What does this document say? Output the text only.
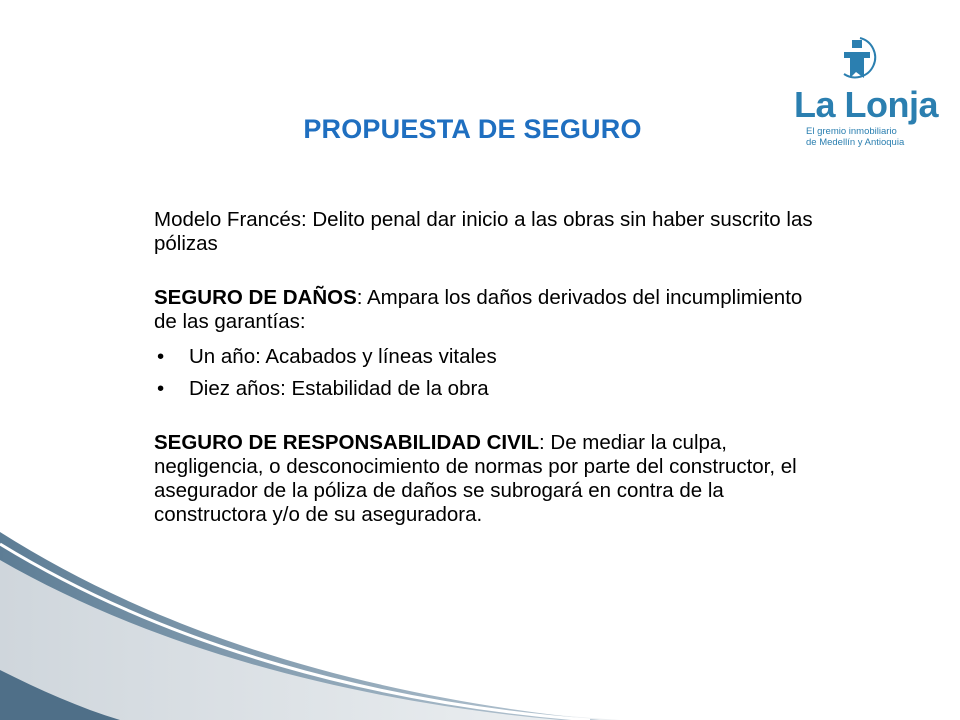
La Lonja
El gremio inmobiliario
de Medellín y Antioquia
PROPUESTA DE SEGURO

Modelo Francés: Delito penal dar inicio a las obras sin haber suscrito las pólizas

SEGURO DE DAÑOS: Ampara los daños derivados del incumplimiento de las garantías:

• Un año: Acabados y líneas vitales
• Diez años: Estabilidad de la obra

SEGURO DE RESPONSABILIDAD CIVIL: De mediar la culpa, negligencia, o desconocimiento de normas por parte del constructor, el asegurador de la póliza de daños se subrogará en contra de la constructora y/o de su aseguradora.
